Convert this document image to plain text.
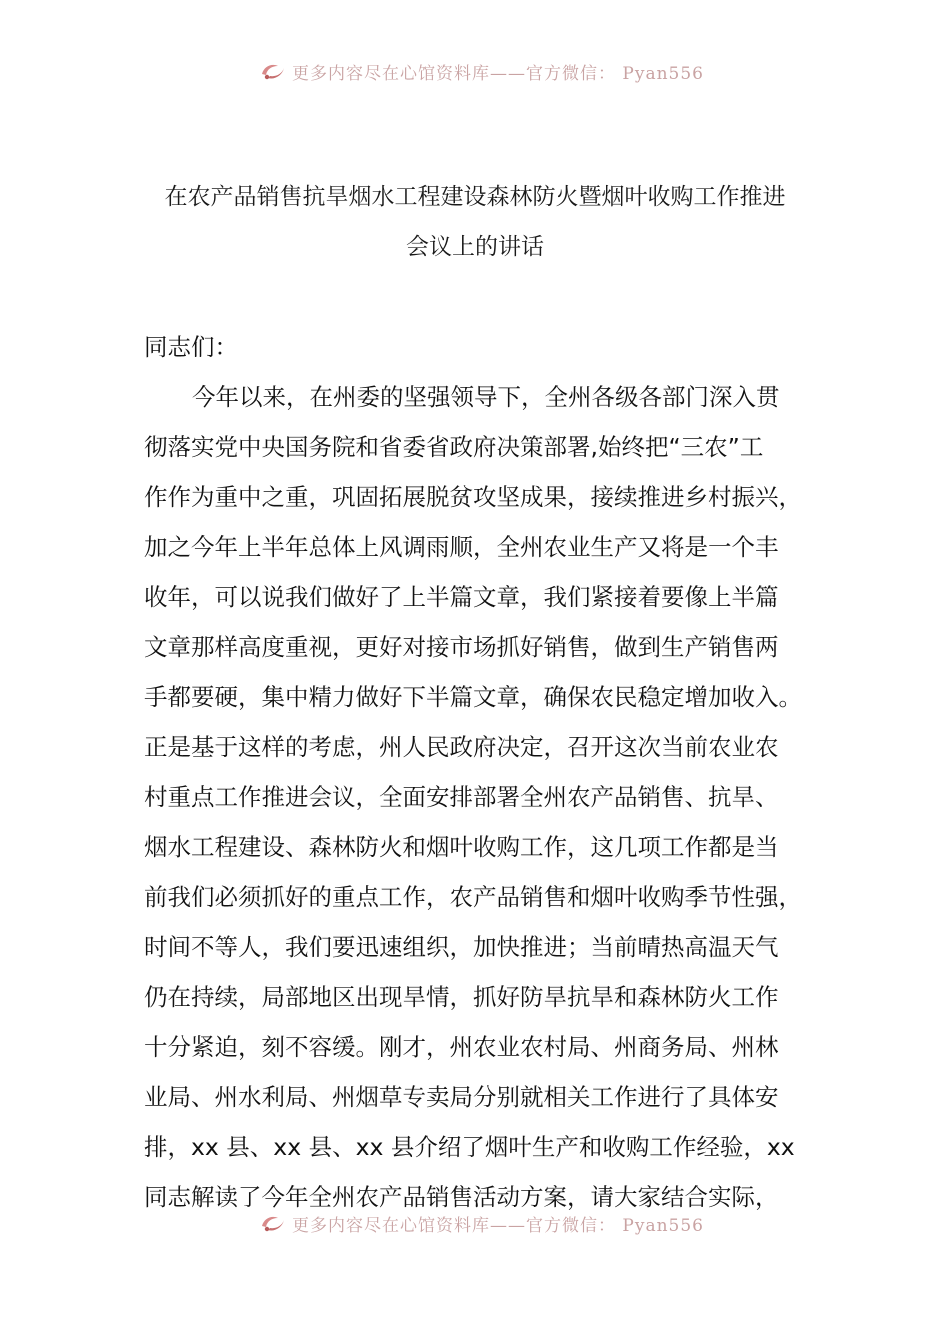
更多内容尽在心馆资料库——官方微信： Pyan556
在农产品销售抗旱烟水工程建设森林防火暨烟叶收购工作推进
会议上的讲话
同志们：
今年以来，在州委的坚强领导下，全州各级各部门深入贯
彻落实党中央国务院和省委省政府决策部署,始终把“三农”工
作作为重中之重，巩固拓展脱贫攻坚成果，接续推进乡村振兴，
加之今年上半年总体上风调雨顺，全州农业生产又将是一个丰
收年，可以说我们做好了上半篇文章，我们紧接着要像上半篇
文章那样高度重视，更好对接市场抓好销售，做到生产销售两
手都要硬，集中精力做好下半篇文章，确保农民稳定增加收入。
正是基于这样的考虑，州人民政府决定，召开这次当前农业农
村重点工作推进会议，全面安排部署全州农产品销售、抗旱、
烟水工程建设、森林防火和烟叶收购工作，这几项工作都是当
前我们必须抓好的重点工作，农产品销售和烟叶收购季节性强，
时间不等人，我们要迅速组织，加快推进；当前晴热高温天气
仍在持续，局部地区出现旱情，抓好防旱抗旱和森林防火工作
十分紧迫，刻不容缓。刚才，州农业农村局、州商务局、州林
业局、州水利局、州烟草专卖局分别就相关工作进行了具体安
排，xx 县、xx 县、xx 县介绍了烟叶生产和收购工作经验，xx
同志解读了今年全州农产品销售活动方案，请大家结合实际，
更多内容尽在心馆资料库——官方微信： Pyan556
